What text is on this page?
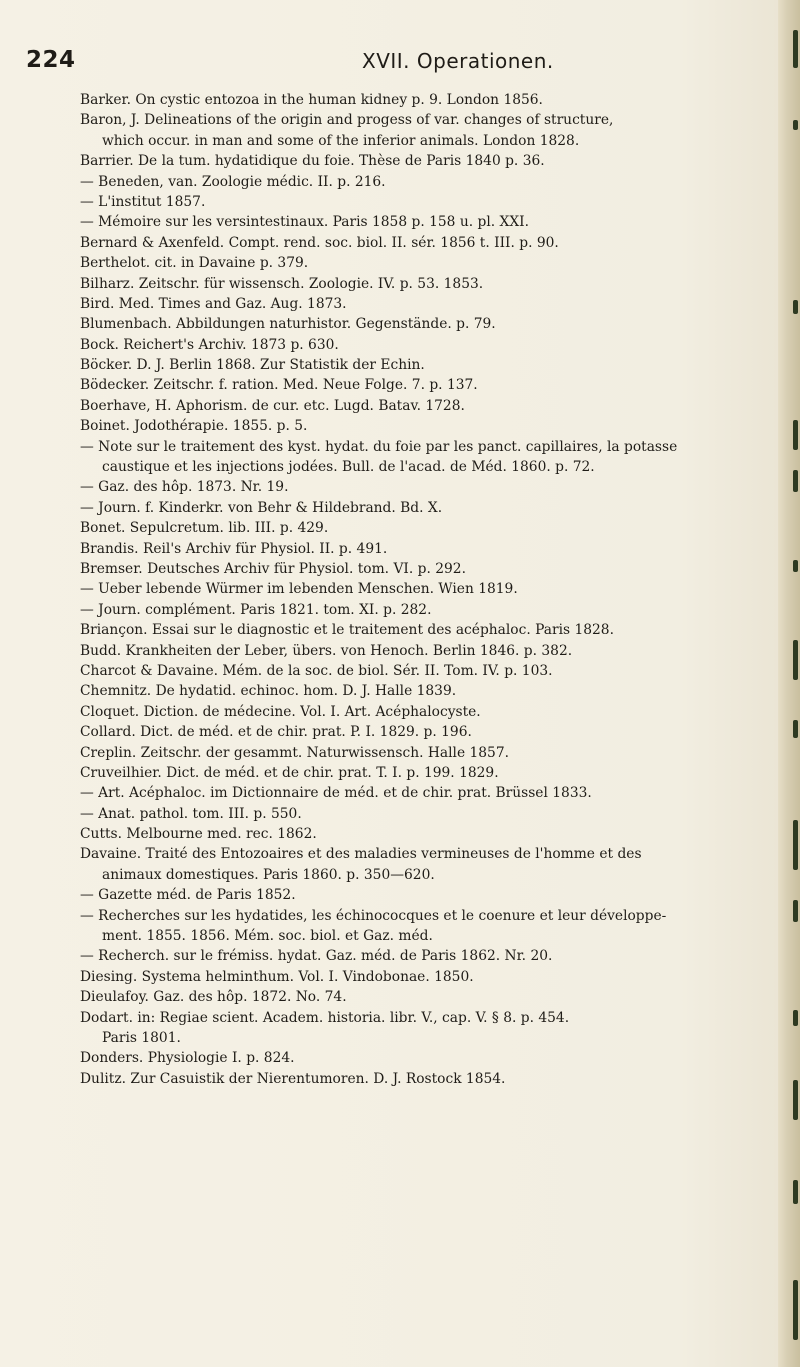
224	XVII. Operationen.
Barker. On cystic entozoa in the human kidney p. 9. London 1856.
Baron, J. Delineations of the origin and progess of var. changes of structure,
which occur. in man and some of the inferior animals. London 1828.
Barrier. De la tum. hydatidique du foie. Thèse de Paris 1840 p. 36.
— Beneden, van. Zoologie médic. II. p. 216.
— L'institut 1857.
— Mémoire sur les versintestinaux. Paris 1858 p. 158 u. pl. XXI.
Bernard & Axenfeld. Compt. rend. soc. biol. II. sér. 1856 t. III. p. 90.
Berthelot. cit. in Davaine p. 379.
Bilharz. Zeitschr. für wissensch. Zoologie. IV. p. 53. 1853.
Bird. Med. Times and Gaz. Aug. 1873.
Blumenbach. Abbildungen naturhistor. Gegenstände. p. 79.
Bock. Reichert's Archiv. 1873 p. 630.
Böcker. D. J. Berlin 1868. Zur Statistik der Echin.
Bödecker. Zeitschr. f. ration. Med. Neue Folge. 7. p. 137.
Boerhave, H. Aphorism. de cur. etc. Lugd. Batav. 1728.
Boinet. Jodothérapie. 1855. p. 5.
— Note sur le traitement des kyst. hydat. du foie par les panct. capillaires, la potasse
caustique et les injections jodées. Bull. de l'acad. de Méd. 1860. p. 72.
— Gaz. des hôp. 1873. Nr. 19.
— Journ. f. Kinderkr. von Behr & Hildebrand. Bd. X.
Bonet. Sepulcretum. lib. III. p. 429.
Brandis. Reil's Archiv für Physiol. II. p. 491.
Bremser. Deutsches Archiv für Physiol. tom. VI. p. 292.
— Ueber lebende Würmer im lebenden Menschen. Wien 1819.
— Journ. complément. Paris 1821. tom. XI. p. 282.
Briançon. Essai sur le diagnostic et le traitement des acéphaloc. Paris 1828.
Budd. Krankheiten der Leber, übers. von Henoch. Berlin 1846. p. 382.
Charcot & Davaine. Mém. de la soc. de biol. Sér. II. Tom. IV. p. 103.
Chemnitz. De hydatid. echinoc. hom. D. J. Halle 1839.
Cloquet. Diction. de médecine. Vol. I. Art. Acéphalocyste.
Collard. Dict. de méd. et de chir. prat. P. I. 1829. p. 196.
Creplin. Zeitschr. der gesammt. Naturwissensch. Halle 1857.
Cruveilhier. Dict. de méd. et de chir. prat. T. I. p. 199. 1829.
— Art. Acéphaloc. im Dictionnaire de méd. et de chir. prat. Brüssel 1833.
— Anat. pathol. tom. III. p. 550.
Cutts. Melbourne med. rec. 1862.
Davaine. Traité des Entozoaires et des maladies vermineuses de l'homme et des
animaux domestiques. Paris 1860. p. 350—620.
— Gazette méd. de Paris 1852.
— Recherches sur les hydatides, les échinococques et le coenure et leur développe-
ment. 1855. 1856. Mém. soc. biol. et Gaz. méd.
— Recherch. sur le frémiss. hydat. Gaz. méd. de Paris 1862. Nr. 20.
Diesing. Systema helminthum. Vol. I. Vindobonae. 1850.
Dieulafoy. Gaz. des hôp. 1872. No. 74.
Dodart. in: Regiae scient. Academ. historia. libr. V., cap. V. § 8. p. 454.
Paris 1801.
Donders. Physiologie I. p. 824.
Dulitz. Zur Casuistik der Nierentumoren. D. J. Rostock 1854.
